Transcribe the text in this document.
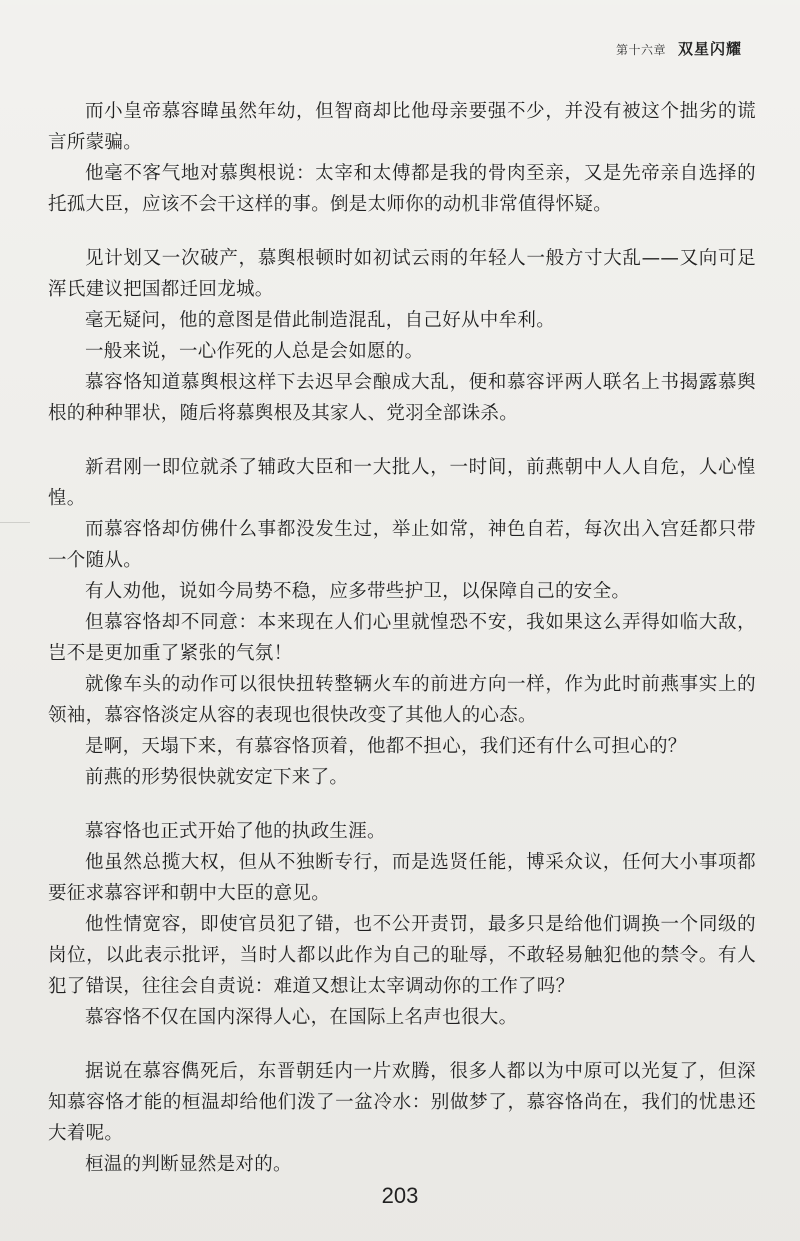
第十六章 双星闪耀

而小皇帝慕容暐虽然年幼，但智商却比他母亲要强不少，并没有被这个拙劣的谎言所蒙骗。

他毫不客气地对慕舆根说：太宰和太傅都是我的骨肉至亲，又是先帝亲自选择的托孤大臣，应该不会干这样的事。倒是太师你的动机非常值得怀疑。

见计划又一次破产，慕舆根顿时如初试云雨的年轻人一般方寸大乱——又向可足浑氏建议把国都迁回龙城。

毫无疑问，他的意图是借此制造混乱，自己好从中牟利。

一般来说，一心作死的人总是会如愿的。

慕容恪知道慕舆根这样下去迟早会酿成大乱，便和慕容评两人联名上书揭露慕舆根的种种罪状，随后将慕舆根及其家人、党羽全部诛杀。

新君刚一即位就杀了辅政大臣和一大批人，一时间，前燕朝中人人自危，人心惶惶。

而慕容恪却仿佛什么事都没发生过，举止如常，神色自若，每次出入宫廷都只带一个随从。

有人劝他，说如今局势不稳，应多带些护卫，以保障自己的安全。

但慕容恪却不同意：本来现在人们心里就惶恐不安，我如果这么弄得如临大敌，岂不是更加重了紧张的气氛！

就像车头的动作可以很快扭转整辆火车的前进方向一样，作为此时前燕事实上的领袖，慕容恪淡定从容的表现也很快改变了其他人的心态。

是啊，天塌下来，有慕容恪顶着，他都不担心，我们还有什么可担心的？

前燕的形势很快就安定下来了。

慕容恪也正式开始了他的执政生涯。

他虽然总揽大权，但从不独断专行，而是选贤任能，博采众议，任何大小事项都要征求慕容评和朝中大臣的意见。

他性情宽容，即使官员犯了错，也不公开责罚，最多只是给他们调换一个同级的岗位，以此表示批评，当时人都以此作为自己的耻辱，不敢轻易触犯他的禁令。有人犯了错误，往往会自责说：难道又想让太宰调动你的工作了吗？

慕容恪不仅在国内深得人心，在国际上名声也很大。

据说在慕容儁死后，东晋朝廷内一片欢腾，很多人都以为中原可以光复了，但深知慕容恪才能的桓温却给他们泼了一盆冷水：别做梦了，慕容恪尚在，我们的忧患还大着呢。

桓温的判断显然是对的。

203
